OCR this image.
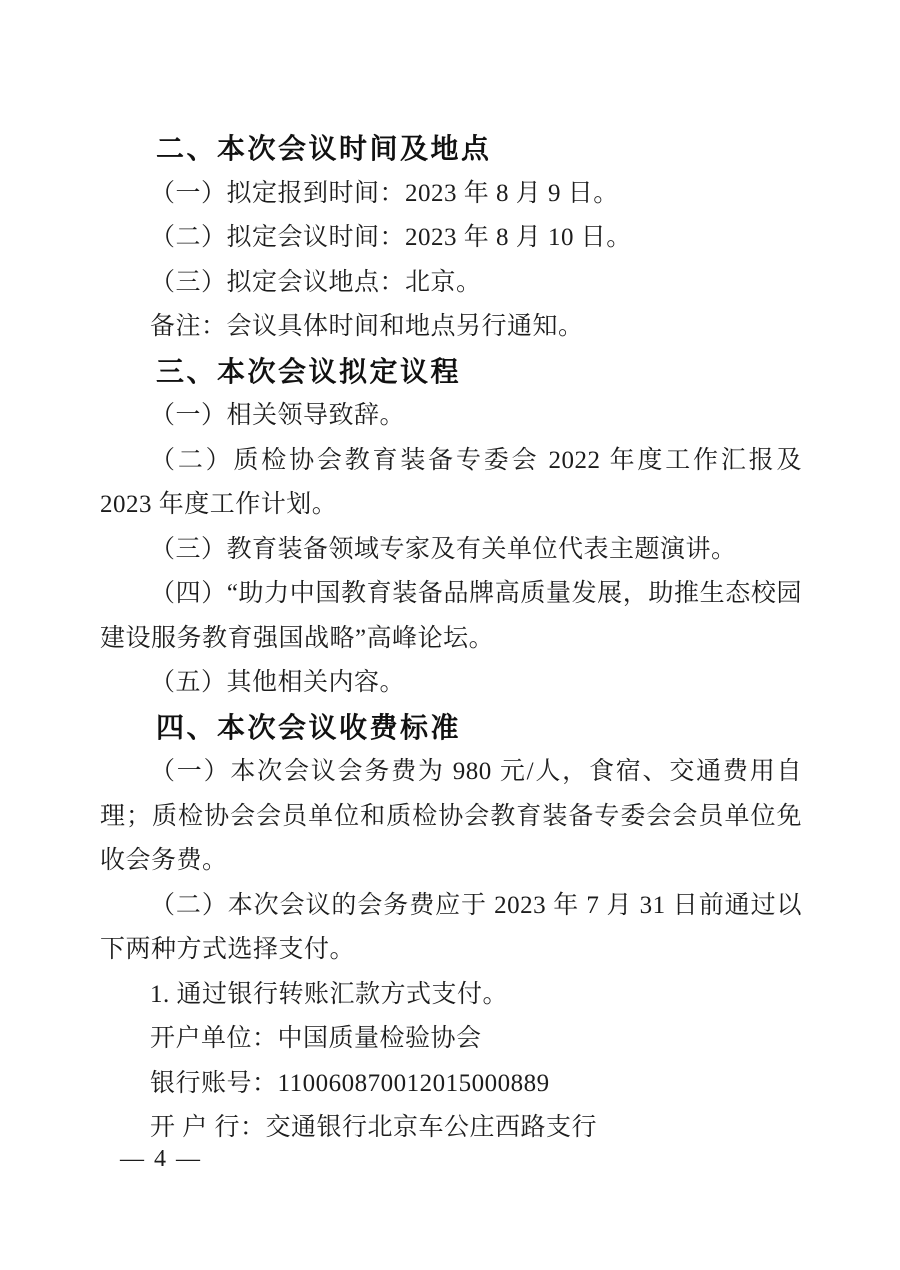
二、本次会议时间及地点

（一）拟定报到时间：2023 年 8 月 9 日。

（二）拟定会议时间：2023 年 8 月 10 日。

（三）拟定会议地点：北京。

备注：会议具体时间和地点另行通知。

三、本次会议拟定议程

（一）相关领导致辞。

（二）质检协会教育装备专委会 2022 年度工作汇报及 2023 年度工作计划。

（三）教育装备领域专家及有关单位代表主题演讲。

（四）“助力中国教育装备品牌高质量发展，助推生态校园建设服务教育强国战略”高峰论坛。

（五）其他相关内容。

四、本次会议收费标准

（一）本次会议会务费为 980 元/人，食宿、交通费用自理；质检协会会员单位和质检协会教育装备专委会会员单位免收会务费。

（二）本次会议的会务费应于 2023 年 7 月 31 日前通过以下两种方式选择支付。

1. 通过银行转账汇款方式支付。

开户单位：中国质量检验协会

银行账号：110060870012015000889

开 户 行：交通银行北京车公庄西路支行

— 4 —
